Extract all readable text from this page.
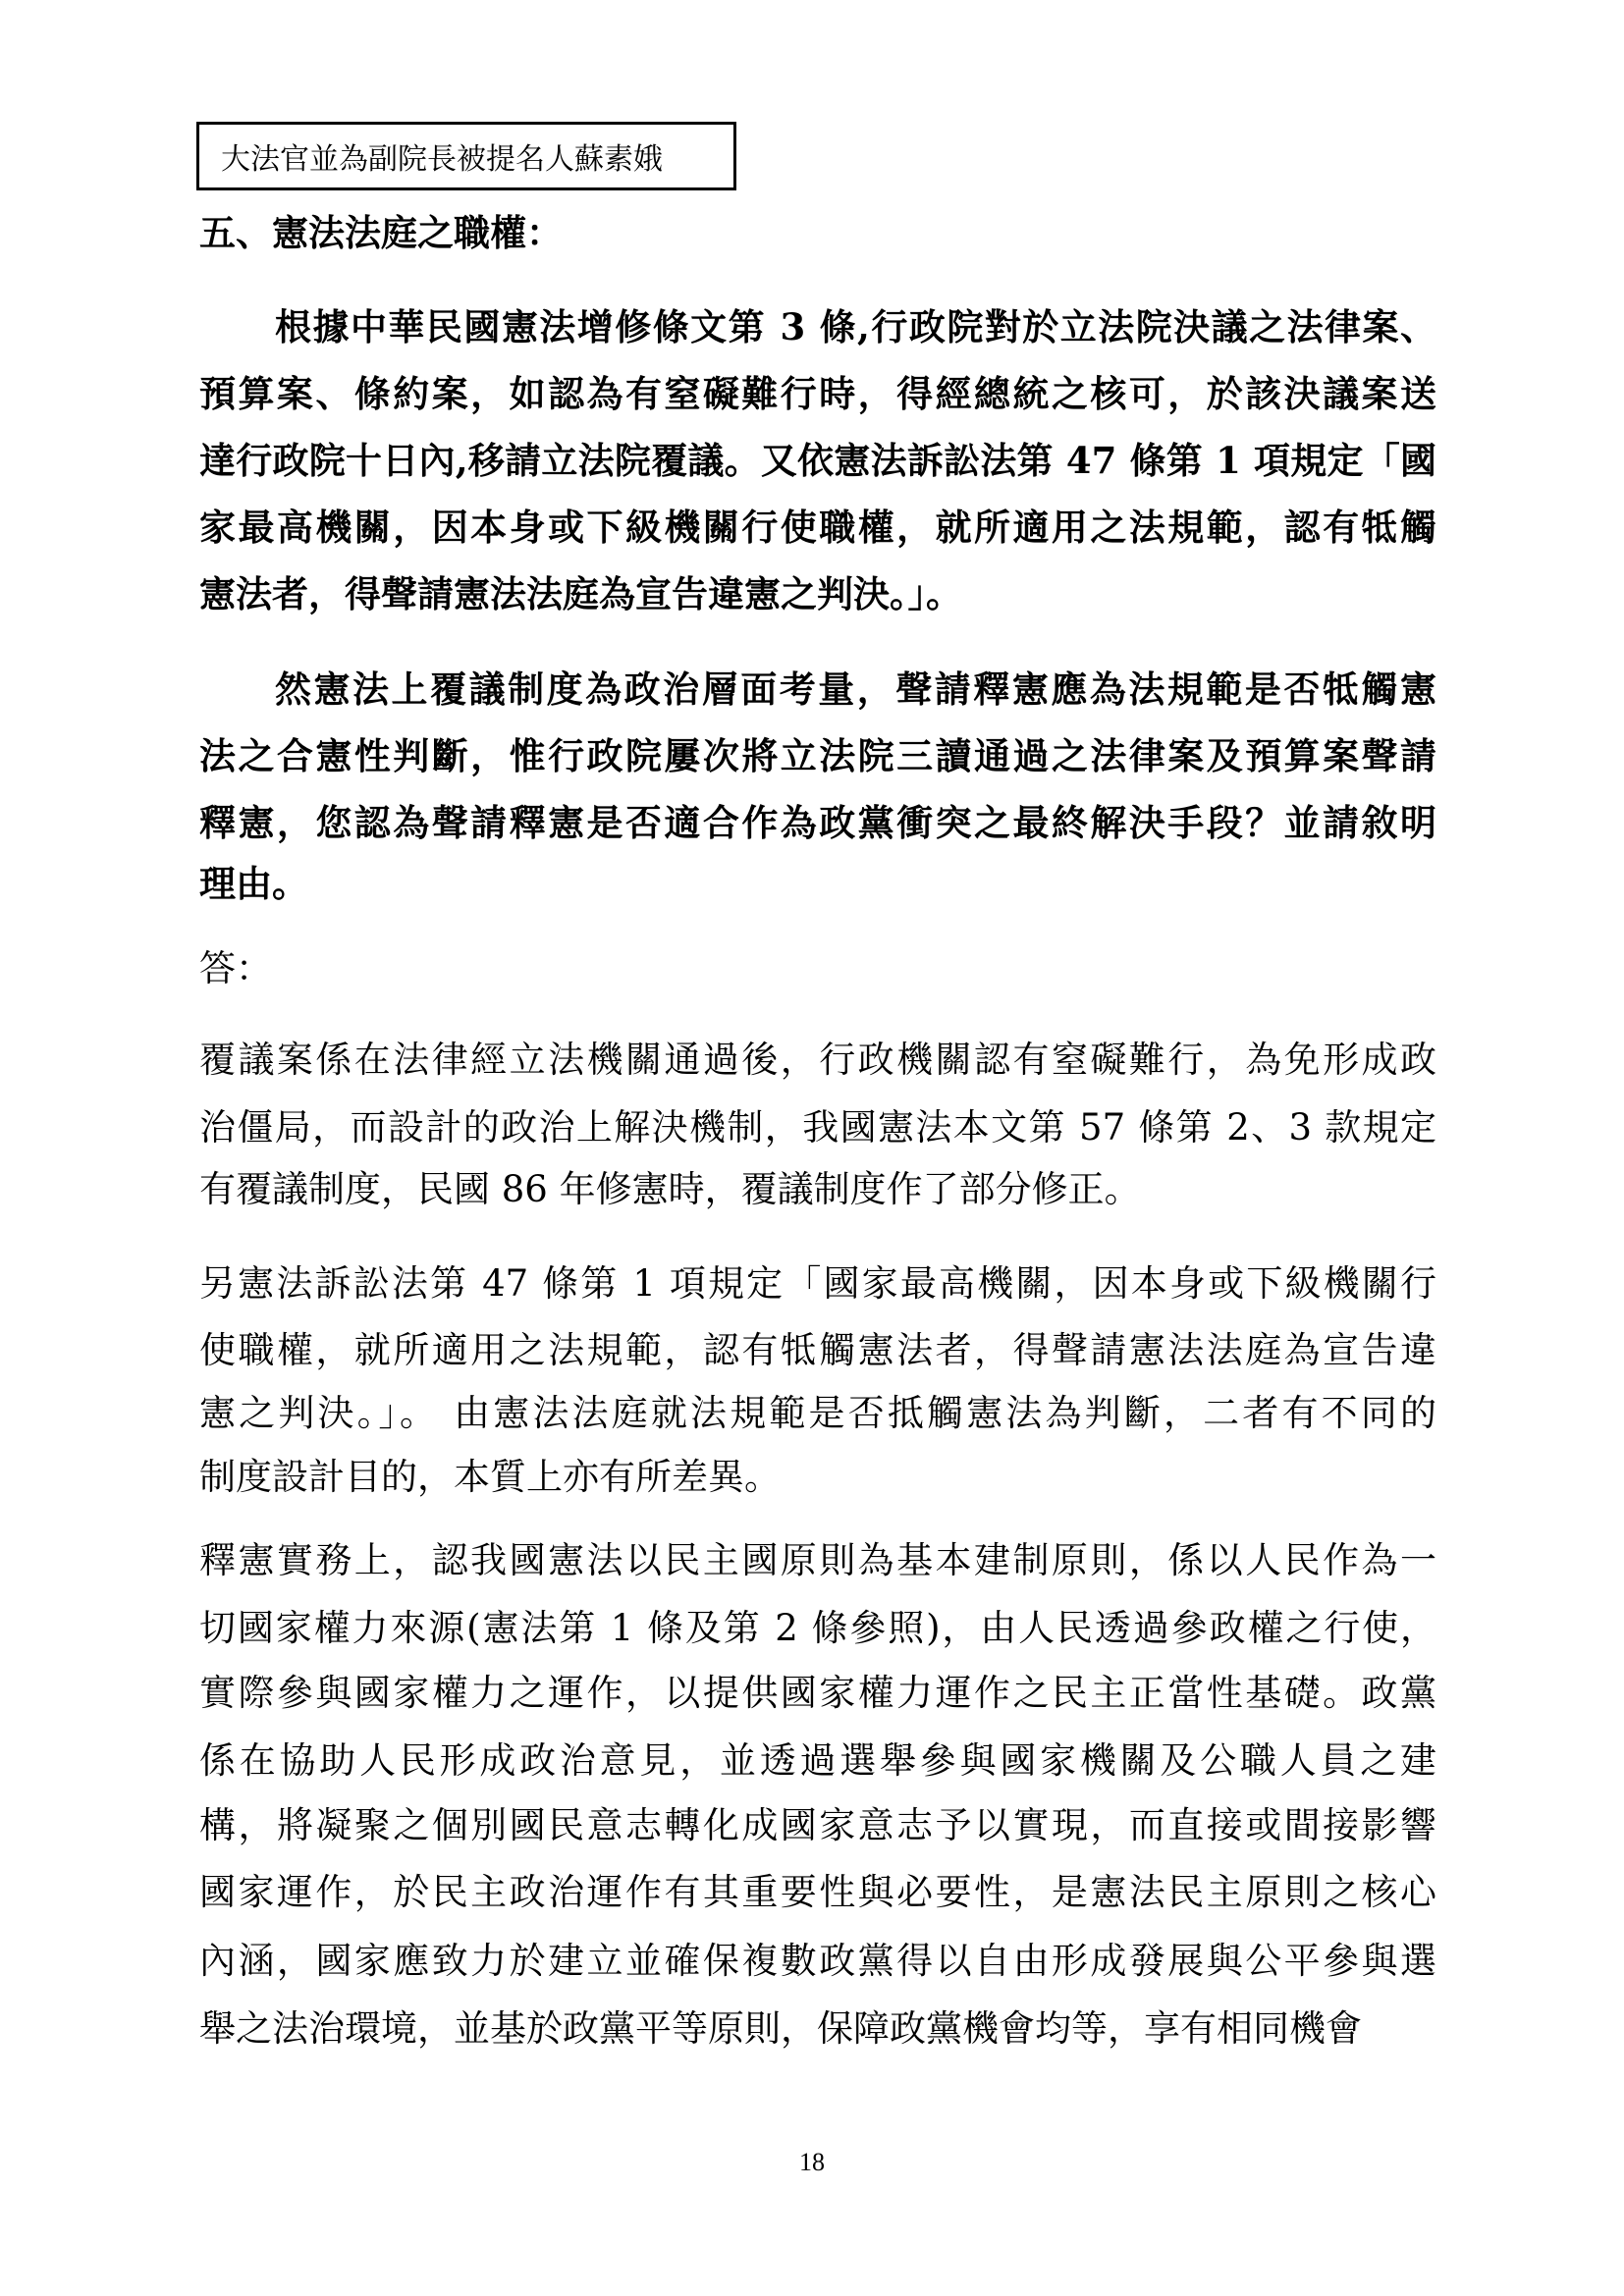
大法官並為副院長被提名人蘇素娥
五、憲法法庭之職權：
根據中華民國憲法增修條文第 3 條,行政院對於立法院決議之法律案、
預算案、條約案，如認為有窒礙難行時，得經總統之核可，於該決議案送
達行政院十日內,移請立法院覆議。又依憲法訴訟法第 47 條第 1 項規定「國
家最高機關，因本身或下級機關行使職權，就所適用之法規範，認有牴觸
憲法者，得聲請憲法法庭為宣告違憲之判決。」。
然憲法上覆議制度為政治層面考量，聲請釋憲應為法規範是否牴觸憲
法之合憲性判斷，惟行政院屢次將立法院三讀通過之法律案及預算案聲請
釋憲，您認為聲請釋憲是否適合作為政黨衝突之最終解決手段？並請敘明
理由。
答：
覆議案係在法律經立法機關通過後，行政機關認有窒礙難行，為免形成政
治僵局，而設計的政治上解決機制，我國憲法本文第 57 條第 2、3 款規定
有覆議制度，民國 86 年修憲時，覆議制度作了部分修正。
另憲法訴訟法第 47 條第 1 項規定「國家最高機關，因本身或下級機關行
使職權，就所適用之法規範，認有牴觸憲法者，得聲請憲法法庭為宣告違
憲之判決。」。 由憲法法庭就法規範是否抵觸憲法為判斷，二者有不同的
制度設計目的，本質上亦有所差異。
釋憲實務上，認我國憲法以民主國原則為基本建制原則，係以人民作為一
切國家權力來源(憲法第 1 條及第 2 條參照)，由人民透過參政權之行使，
實際參與國家權力之運作，以提供國家權力運作之民主正當性基礎。政黨
係在協助人民形成政治意見，並透過選舉參與國家機關及公職人員之建
構，將凝聚之個別國民意志轉化成國家意志予以實現，而直接或間接影響
國家運作，於民主政治運作有其重要性與必要性，是憲法民主原則之核心
內涵，國家應致力於建立並確保複數政黨得以自由形成發展與公平參與選
舉之法治環境，並基於政黨平等原則，保障政黨機會均等，享有相同機會
18
